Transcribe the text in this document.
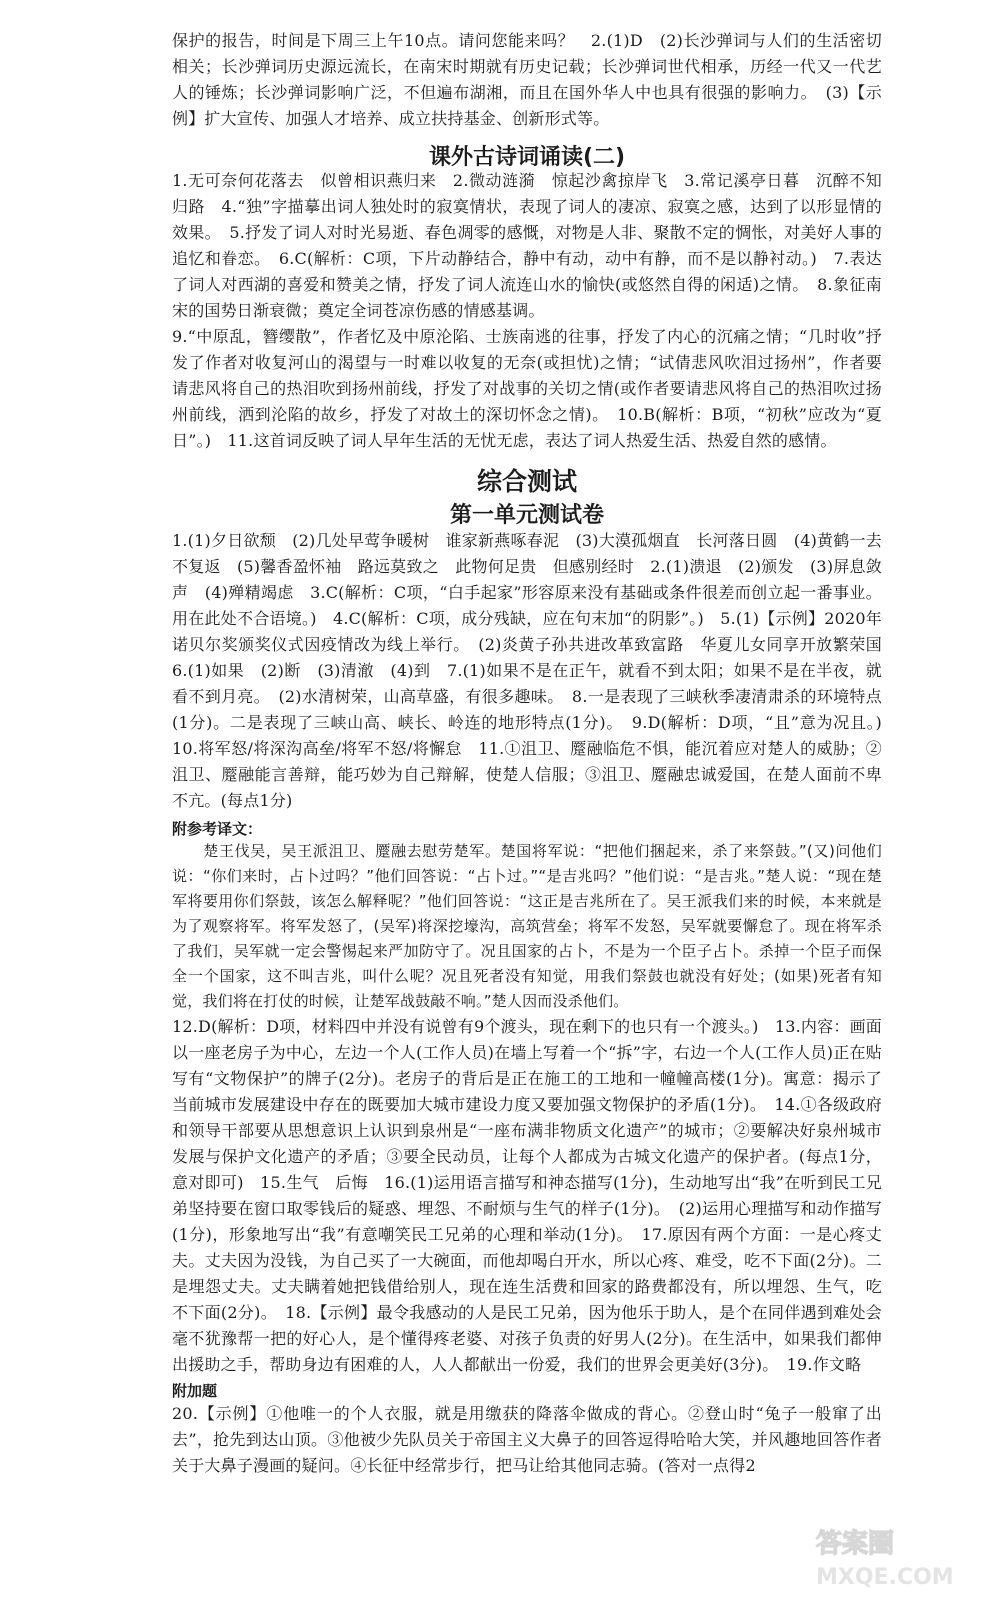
保护的报告，时间是下周三上午10点。请问您能来吗？　2.(1)D　(2)长沙弹词与人们的生活密切相关；长沙弹词历史源远流长，在南宋时期就有历史记载；长沙弹词世代相承，历经一代又一代艺人的锤炼；长沙弹词影响广泛，不但遍布湖湘，而且在国外华人中也具有很强的影响力。　(3)【示例】扩大宣传、加强人才培养、成立扶持基金、创新形式等。

课外古诗词诵读(二)

1.无可奈何花落去　似曾相识燕归来　2.微动涟漪　惊起沙禽掠岸飞　3.常记溪亭日暮　沉醉不知归路　4.“独”字描摹出词人独处时的寂寞情状，表现了词人的凄凉、寂寞之感，达到了以形显情的效果。　5.抒发了词人对时光易逝、春色凋零的感慨，对物是人非、聚散不定的惆怅，对美好人事的追忆和眷恋。　6.C(解析：C项，下片动静结合，静中有动，动中有静，而不是以静衬动。)　7.表达了词人对西湖的喜爱和赞美之情，抒发了词人流连山水的愉快(或悠然自得的闲适)之情。　8.象征南宋的国势日渐衰微；奠定全词苍凉伤感的情感基调。

9.“中原乱，簪缨散”，作者忆及中原沦陷、士族南逃的往事，抒发了内心的沉痛之情；“几时收”抒发了作者对收复河山的渴望与一时难以收复的无奈(或担忧)之情；“试倩悲风吹泪过扬州”，作者要请悲风将自己的热泪吹到扬州前线，抒发了对战事的关切之情(或作者要请悲风将自己的热泪吹过扬州前线，洒到沦陷的故乡，抒发了对故土的深切怀念之情)。　10.B(解析：B项，“初秋”应改为“夏日”。)　11.这首词反映了词人早年生活的无忧无虑，表达了词人热爱生活、热爱自然的感情。

综合测试
第一单元测试卷

1.(1)夕日欲颓　(2)几处早莺争暖树　谁家新燕啄春泥　(3)大漠孤烟直　长河落日圆　(4)黄鹤一去不复返　(5)馨香盈怀袖　路远莫致之　此物何足贵　但感别经时　2.(1)溃退　(2)颁发　(3)屏息敛声　(4)殚精竭虑　3.C(解析：C项，“白手起家”形容原来没有基础或条件很差而创立起一番事业。用在此处不合语境。)　4.C(解析：C项，成分残缺，应在句末加“的阴影”。)　5.(1)【示例】2020年诺贝尔奖颁奖仪式因疫情改为线上举行。　(2)炎黄子孙共进改革致富路　华夏儿女同享开放繁荣国　6.(1)如果　(2)断　(3)清澈　(4)到　7.(1)如果不是在正午，就看不到太阳；如果不是在半夜，就看不到月亮。　(2)水清树荣，山高草盛，有很多趣味。　8.一是表现了三峡秋季凄清肃杀的环境特点(1分)。二是表现了三峡山高、峡长、岭连的地形特点(1分)。　9.D(解析：D项，“且”意为况且。)　10.将军怒/将深沟高垒/将军不怒/将懈怠　11.①沮卫、蹷融临危不惧，能沉着应对楚人的威胁；②沮卫、蹷融能言善辩，能巧妙为自己辩解，使楚人信服；③沮卫、蹷融忠诚爱国，在楚人面前不卑不亢。(每点1分)

附参考译文：

　　楚王伐吴，吴王派沮卫、蹷融去慰劳楚军。楚国将军说：“把他们捆起来，杀了来祭鼓。”(又)问他们说：“你们来时，占卜过吗？”他们回答说：“占卜过。”“是吉兆吗？”他们说：“是吉兆。”楚人说：“现在楚军将要用你们祭鼓，该怎么解释呢？”他们回答说：“这正是吉兆所在了。吴王派我们来的时候，本来就是为了观察将军。将军发怒了，(吴军)将深挖壕沟，高筑营垒；将军不发怒，吴军就要懈怠了。现在将军杀了我们，吴军就一定会警惕起来严加防守了。况且国家的占卜，不是为一个臣子占卜。杀掉一个臣子而保全一个国家，这不叫吉兆，叫什么呢？况且死者没有知觉，用我们祭鼓也就没有好处；(如果)死者有知觉，我们将在打仗的时候，让楚军战鼓敲不响。”楚人因而没杀他们。

12.D(解析：D项，材料四中并没有说曾有9个渡头，现在剩下的也只有一个渡头。)　13.内容：画面以一座老房子为中心，左边一个人(工作人员)在墙上写着一个“拆”字，右边一个人(工作人员)正在贴写有“文物保护”的牌子(2分)。老房子的背后是正在施工的工地和一幢幢高楼(1分)。寓意：揭示了当前城市发展建设中存在的既要加大城市建设力度又要加强文物保护的矛盾(1分)。　14.①各级政府和领导干部要从思想意识上认识到泉州是“一座布满非物质文化遗产”的城市；②要解决好泉州城市发展与保护文化遗产的矛盾；③要全民动员，让每个人都成为古城文化遗产的保护者。(每点1分，意对即可)　15.生气　后悔　16.(1)运用语言描写和神态描写(1分)，生动地写出“我”在听到民工兄弟坚持要在窗口取零钱后的疑惑、埋怨、不耐烦与生气的样子(1分)。　(2)运用心理描写和动作描写(1分)，形象地写出“我”有意嘲笑民工兄弟的心理和举动(1分)。　17.原因有两个方面：一是心疼丈夫。丈夫因为没钱，为自己买了一大碗面，而他却喝白开水，所以心疼、难受，吃不下面(2分)。二是埋怨丈夫。丈夫瞒着她把钱借给别人，现在连生活费和回家的路费都没有，所以埋怨、生气，吃不下面(2分)。　18.【示例】最令我感动的人是民工兄弟，因为他乐于助人，是个在同伴遇到难处会毫不犹豫帮一把的好心人，是个懂得疼老婆、对孩子负责的好男人(2分)。在生活中，如果我们都伸出援助之手，帮助身边有困难的人，人人都献出一份爱，我们的世界会更美好(3分)。　19.作文略

附加题

20.【示例】①他唯一的个人衣服，就是用缴获的降落伞做成的背心。②登山时“兔子一般窜了出去”，抢先到达山顶。③他被少先队员关于帝国主义大鼻子的回答逗得哈哈大笑，并风趣地回答作者关于大鼻子漫画的疑问。④长征中经常步行，把马让给其他同志骑。(答对一点得2

答案圈
MXQE.COM
